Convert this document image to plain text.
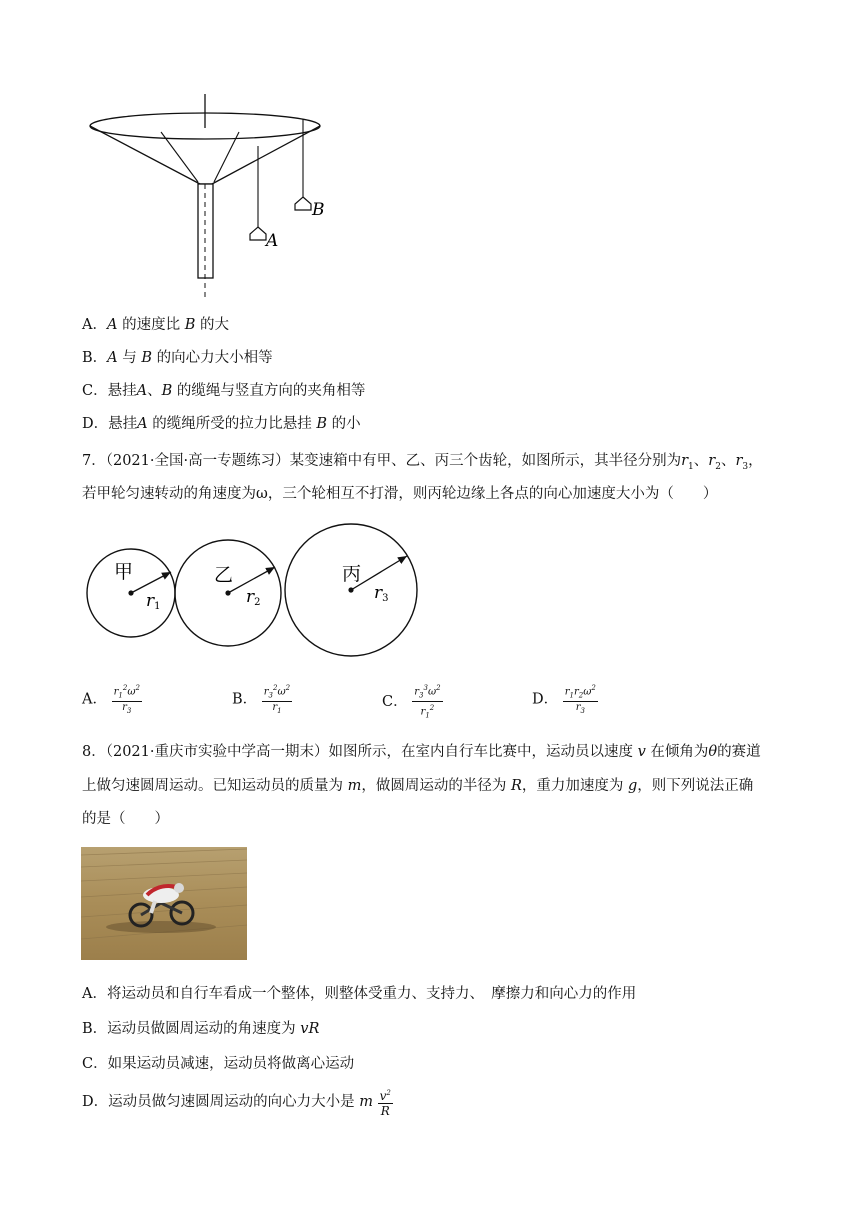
A
B
A．A 的速度比 B 的大
B．A 与 B 的向心力大小相等
C．悬挂A、B 的缆绳与竖直方向的夹角相等
D．悬挂A 的缆绳所受的拉力比悬挂 B 的小
7．（2021·全国·高一专题练习）某变速箱中有甲、乙、丙三个齿轮，如图所示，其半径分别为$r_1$、$r_2$、$r_3$，
若甲轮匀速转动的角速度为ω，三个轮相互不打滑，则丙轮边缘上各点的向心加速度大小为（　　）
甲	乙	丙
r1	r2	r3
A． $\frac{r_1^2\omega^2}{r_3}$	B． $\frac{r_3^2\omega^2}{r_1}$	C． $\frac{r_3^3\omega^2}{r_1^2}$	D． $\frac{r_1r_2\omega^2}{r_3}$
8．（2021·重庆市实验中学高一期末）如图所示，在室内自行车比赛中，运动员以速度 v 在倾角为θ的赛道
上做匀速圆周运动。已知运动员的质量为 m，做圆周运动的半径为 R，重力加速度为 g，则下列说法正确
的是（　　）
A．将运动员和自行车看成一个整体，则整体受重力、支持力、　摩擦力和向心力的作用
B．运动员做圆周运动的角速度为 vR
C．如果运动员减速，运动员将做离心运动
D．运动员做匀速圆周运动的向心力大小是 m $\frac{v^2}{R}$
